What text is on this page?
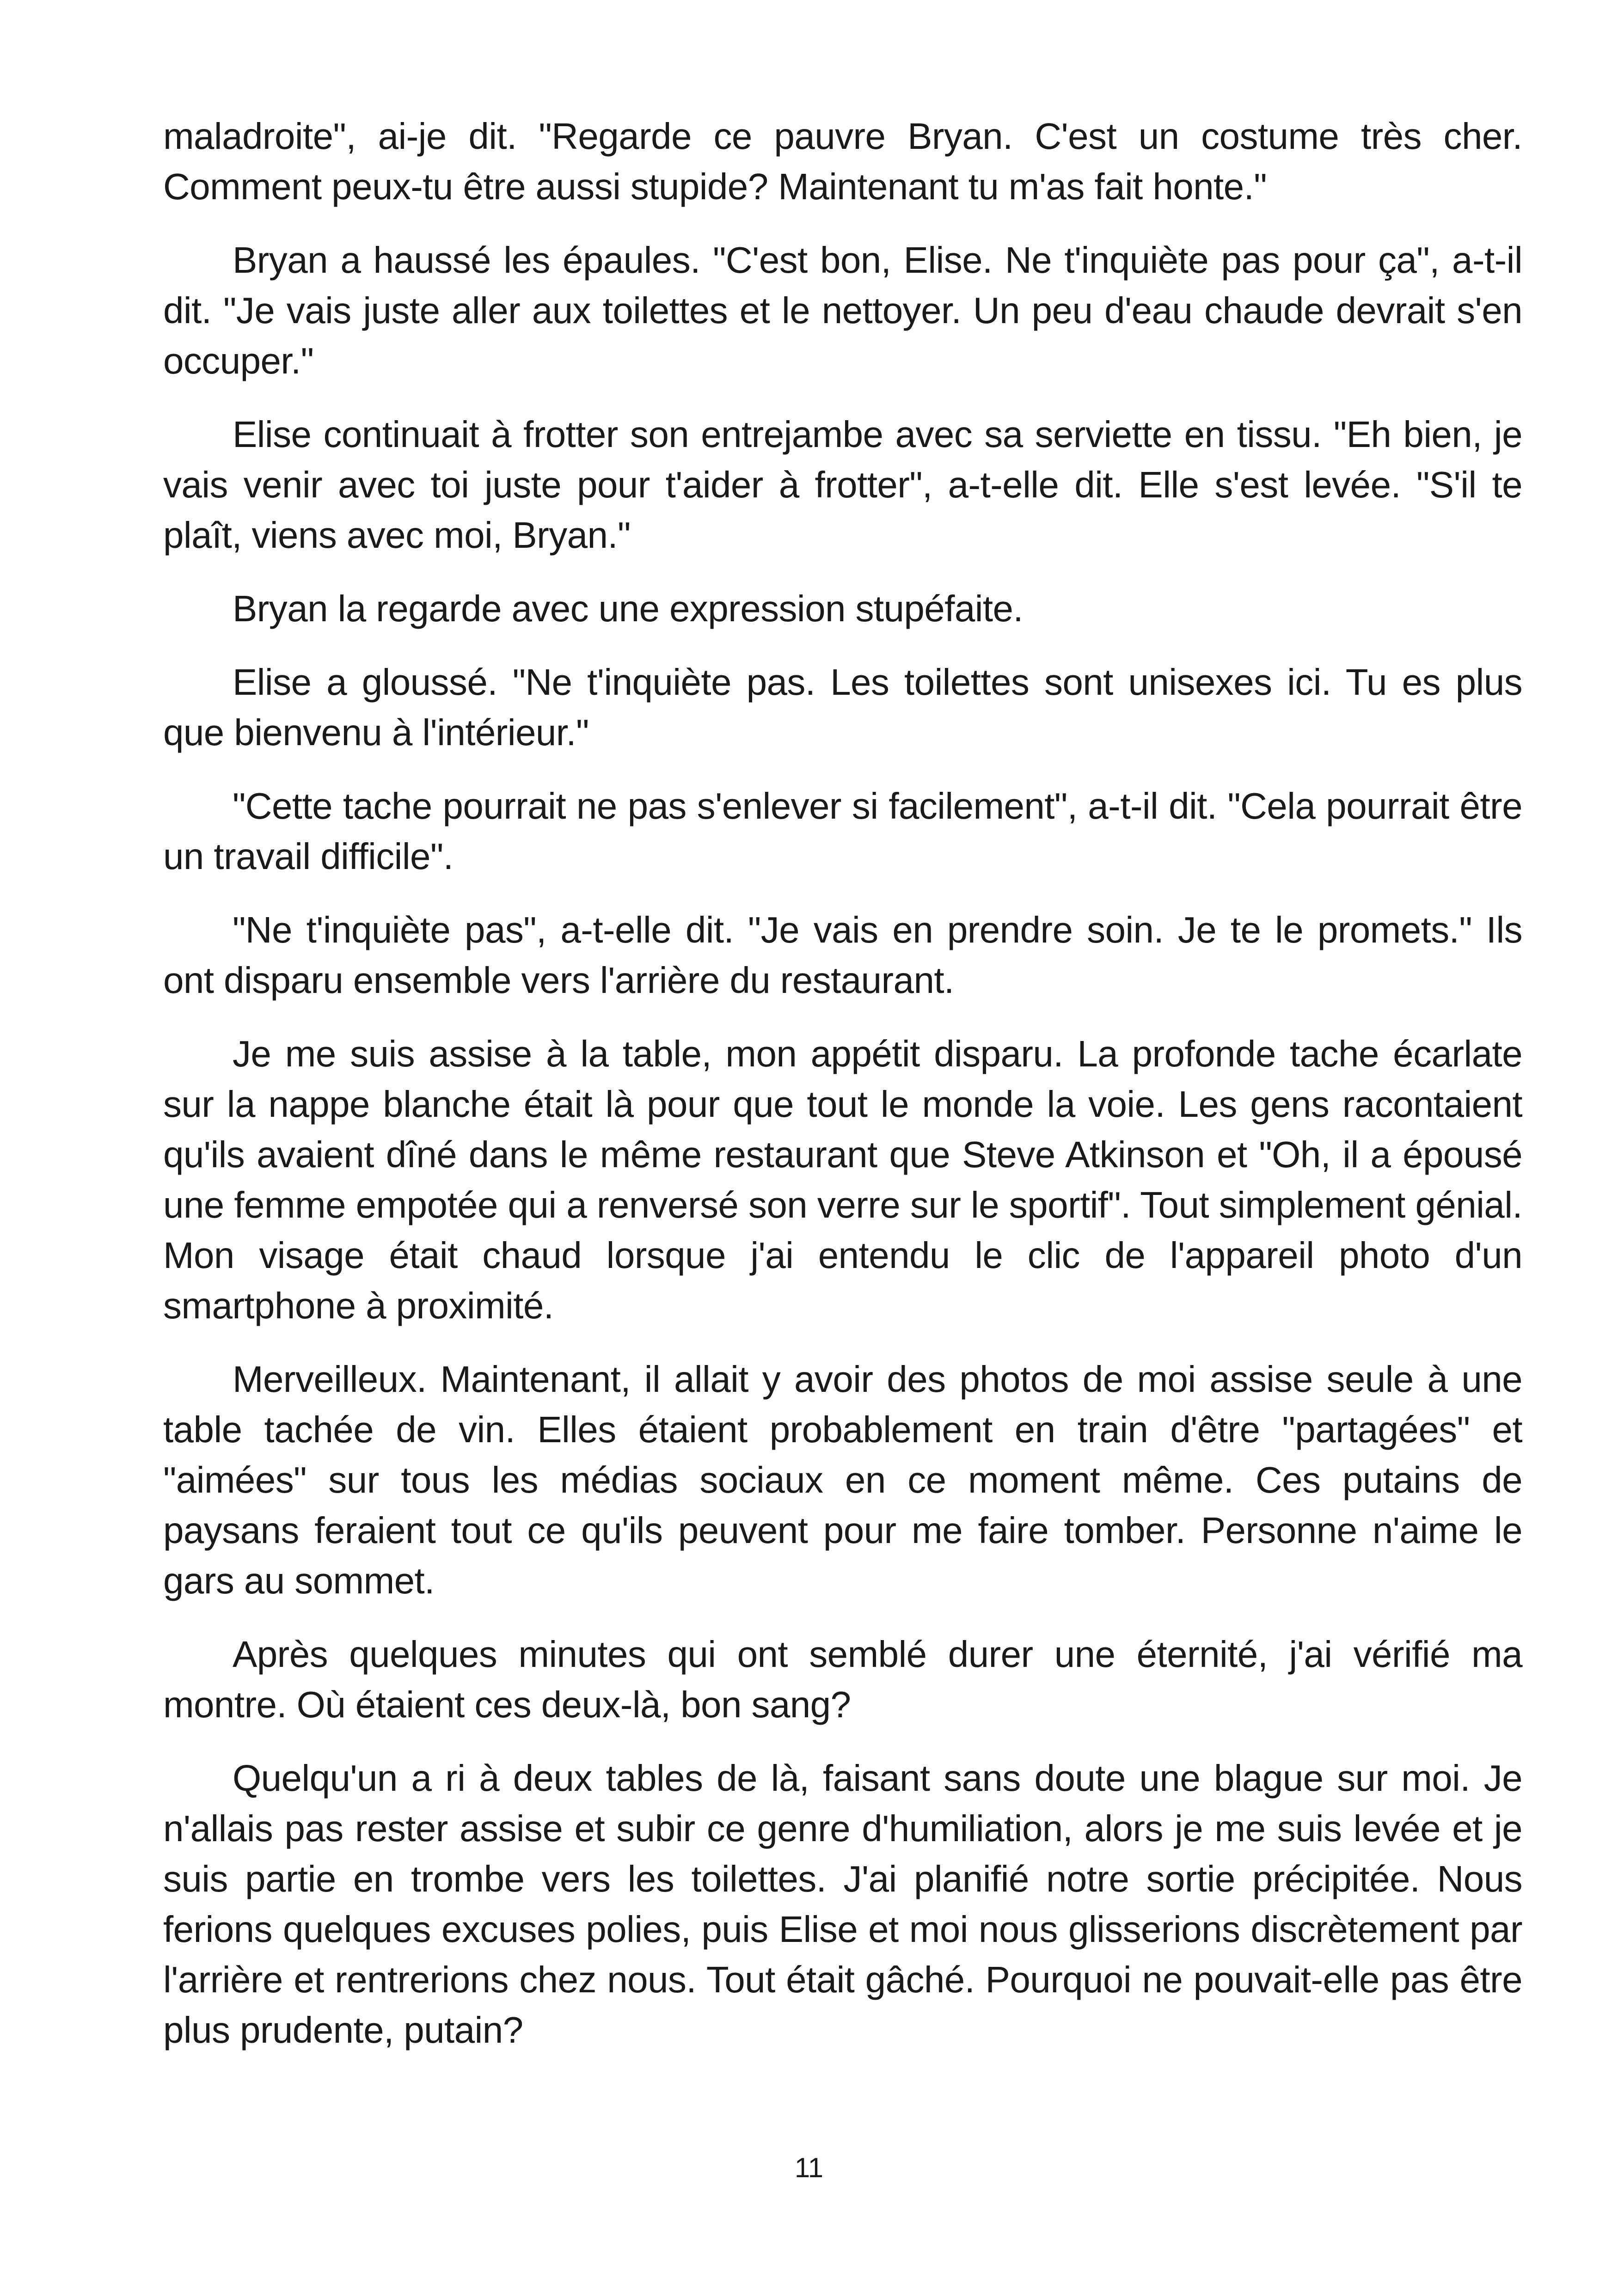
maladroite", ai-je dit. "Regarde ce pauvre Bryan. C'est un costume très cher. Comment peux-tu être aussi stupide? Maintenant tu m'as fait honte."

Bryan a haussé les épaules. "C'est bon, Elise. Ne t'inquiète pas pour ça", a-t-il dit. "Je vais juste aller aux toilettes et le nettoyer. Un peu d'eau chaude devrait s'en occuper."

Elise continuait à frotter son entrejambe avec sa serviette en tissu. "Eh bien, je vais venir avec toi juste pour t'aider à frotter", a-t-elle dit. Elle s'est levée. "S'il te plaît, viens avec moi, Bryan."

Bryan la regarde avec une expression stupéfaite.

Elise a gloussé. "Ne t'inquiète pas. Les toilettes sont unisexes ici. Tu es plus que bienvenu à l'intérieur."

"Cette tache pourrait ne pas s'enlever si facilement", a-t-il dit. "Cela pourrait être un travail difficile".

"Ne t'inquiète pas", a-t-elle dit. "Je vais en prendre soin. Je te le promets." Ils ont disparu ensemble vers l'arrière du restaurant.

Je me suis assise à la table, mon appétit disparu. La profonde tache écarlate sur la nappe blanche était là pour que tout le monde la voie. Les gens racontaient qu'ils avaient dîné dans le même restaurant que Steve Atkinson et "Oh, il a épousé une femme empotée qui a renversé son verre sur le sportif". Tout simplement génial. Mon visage était chaud lorsque j'ai entendu le clic de l'appareil photo d'un smartphone à proximité.

Merveilleux. Maintenant, il allait y avoir des photos de moi assise seule à une table tachée de vin. Elles étaient probablement en train d'être "partagées" et "aimées" sur tous les médias sociaux en ce moment même. Ces putains de paysans feraient tout ce qu'ils peuvent pour me faire tomber. Personne n'aime le gars au sommet.

Après quelques minutes qui ont semblé durer une éternité, j'ai vérifié ma montre. Où étaient ces deux-là, bon sang?

Quelqu'un a ri à deux tables de là, faisant sans doute une blague sur moi. Je n'allais pas rester assise et subir ce genre d'humiliation, alors je me suis levée et je suis partie en trombe vers les toilettes. J'ai planifié notre sortie précipitée. Nous ferions quelques excuses polies, puis Elise et moi nous glisserions discrètement par l'arrière et rentrerions chez nous. Tout était gâché. Pourquoi ne pouvait-elle pas être plus prudente, putain?

11
